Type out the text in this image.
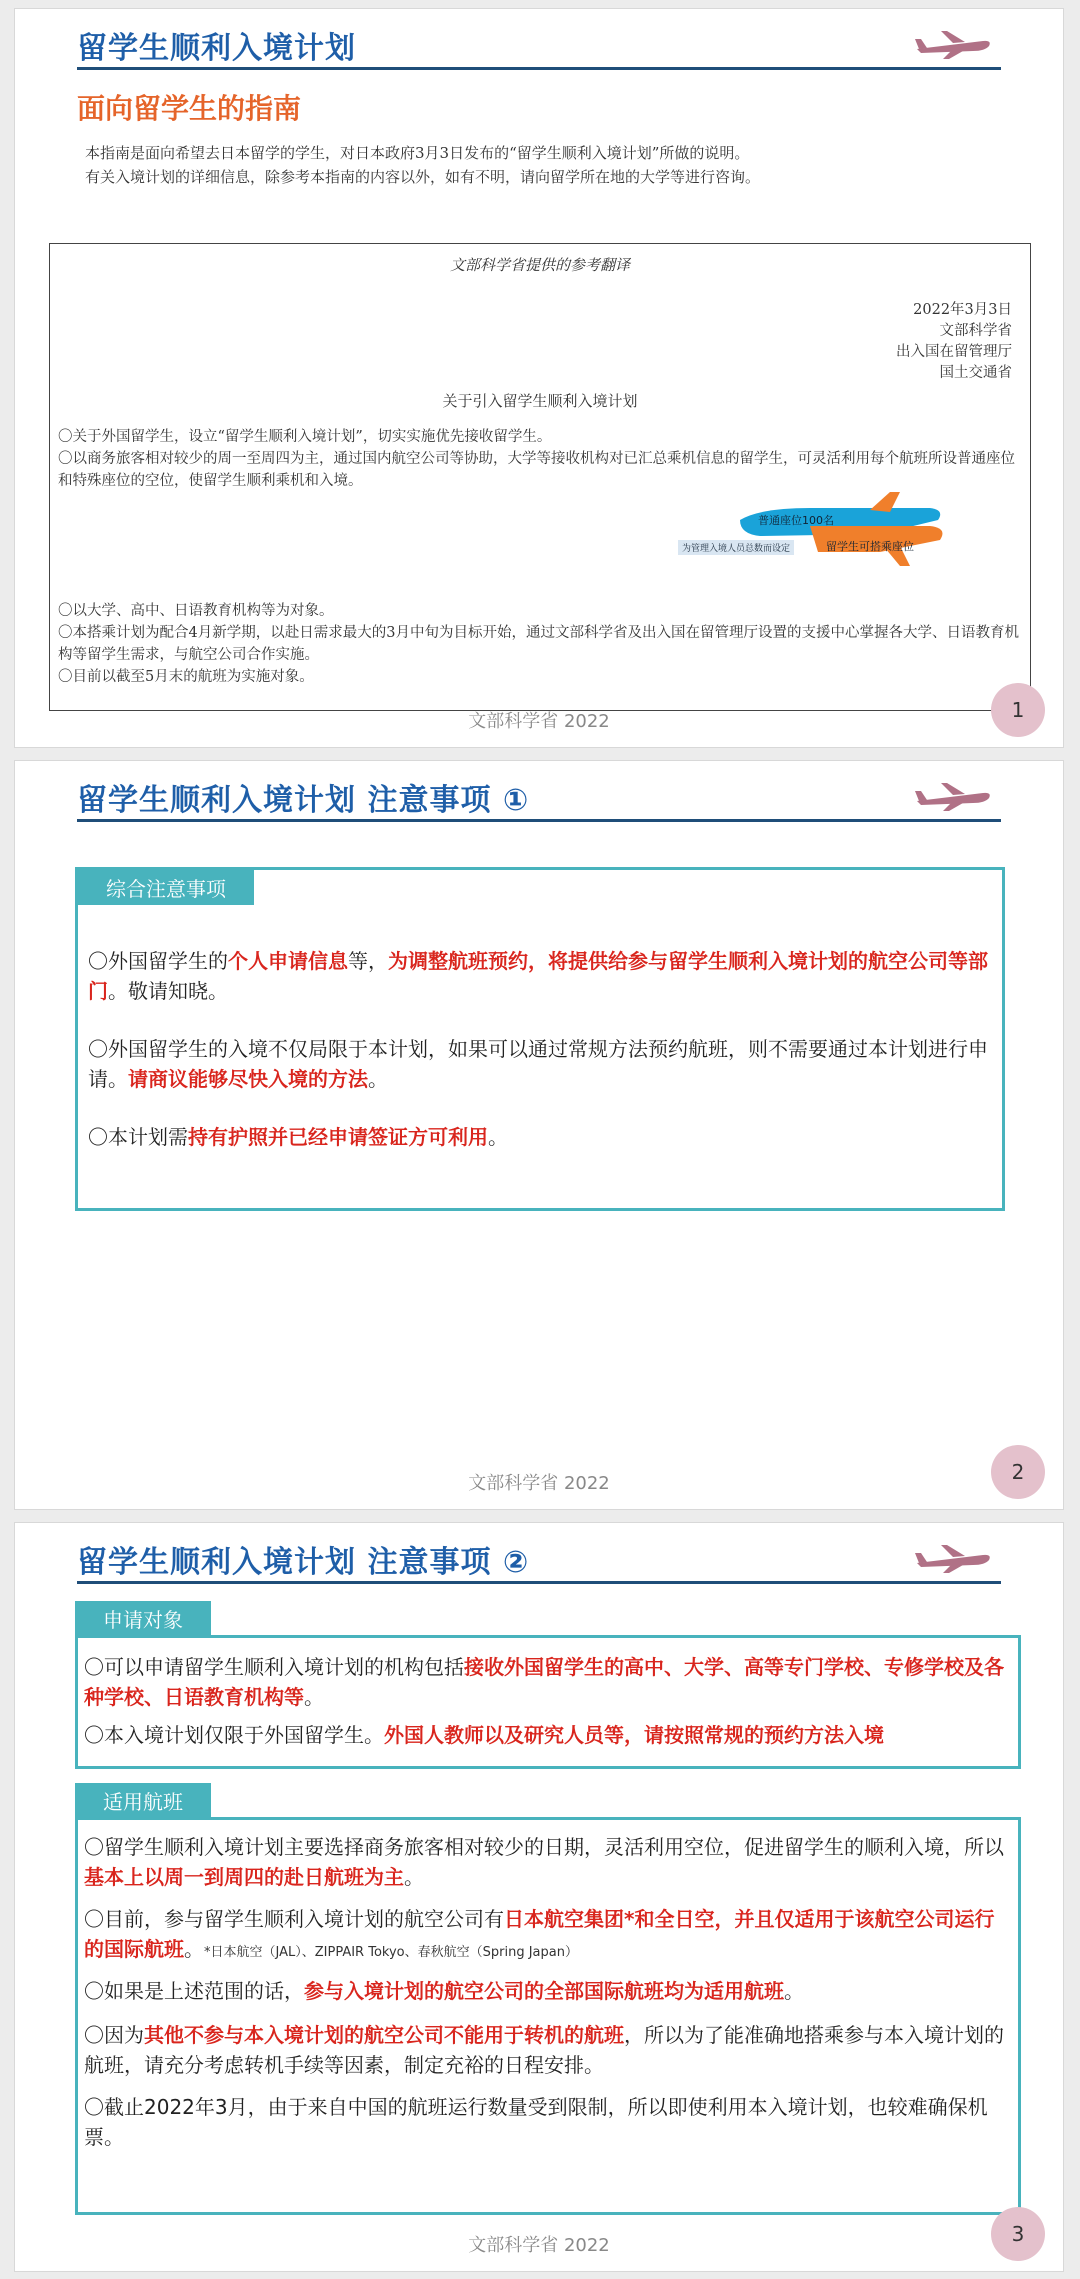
留学生顺利入境计划
面向留学生的指南
本指南是面向希望去日本留学的学生，对日本政府3月3日发布的“留学生顺利入境计划”所做的说明。
有关入境计划的详细信息，除参考本指南的内容以外，如有不明，请向留学所在地的大学等进行咨询。
文部科学省提供的参考翻译
2022年3月3日
文部科学省
出入国在留管理厅
国土交通省
关于引入留学生顺利入境计划
〇关于外国留学生，设立“留学生顺利入境计划”，切实实施优先接收留学生。
〇以商务旅客相对较少的周一至周四为主，通过国内航空公司等协助，大学等接收机构对已汇总乘机信息的留学生，可灵活利用每个航班所设普通座位和特殊座位的空位，使留学生顺利乘机和入境。
普通座位100名
留学生可搭乘座位
为管理入境人员总数而设定
〇以大学、高中、日语教育机构等为对象。
〇本搭乘计划为配合4月新学期，以赴日需求最大的3月中旬为目标开始，通过文部科学省及出入国在留管理厅设置的支援中心掌握各大学、日语教育机构等留学生需求，与航空公司合作实施。
〇目前以截至5月末的航班为实施对象。
文部科学省 2022	1
留学生顺利入境计划 注意事项 ①
综合注意事项
〇外国留学生的个人申请信息等，为调整航班预约，将提供给参与留学生顺利入境计划的航空公司等部门。敬请知晓。
〇外国留学生的入境不仅局限于本计划，如果可以通过常规方法预约航班，则不需要通过本计划进行申请。请商议能够尽快入境的方法。
〇本计划需持有护照并已经申请签证方可利用。
文部科学省 2022	2
留学生顺利入境计划 注意事项 ②
申请对象
〇可以申请留学生顺利入境计划的机构包括接收外国留学生的高中、大学、高等专门学校、专修学校及各种学校、日语教育机构等。
〇本入境计划仅限于外国留学生。外国人教师以及研究人员等，请按照常规的预约方法入境
适用航班
〇留学生顺利入境计划主要选择商务旅客相对较少的日期，灵活利用空位，促进留学生的顺利入境，所以基本上以周一到周四的赴日航班为主。
〇目前，参与留学生顺利入境计划的航空公司有日本航空集团*和全日空，并且仅适用于该航空公司运行的国际航班。*日本航空（JAL）、ZIPPAIR Tokyo、春秋航空（Spring Japan）
〇如果是上述范围的话，参与入境计划的航空公司的全部国际航班均为适用航班。
〇因为其他不参与本入境计划的航空公司不能用于转机的航班，所以为了能准确地搭乘参与本入境计划的航班，请充分考虑转机手续等因素，制定充裕的日程安排。
〇截止2022年3月，由于来自中国的航班运行数量受到限制，所以即使利用本入境计划，也较难确保机票。
文部科学省 2022	3
